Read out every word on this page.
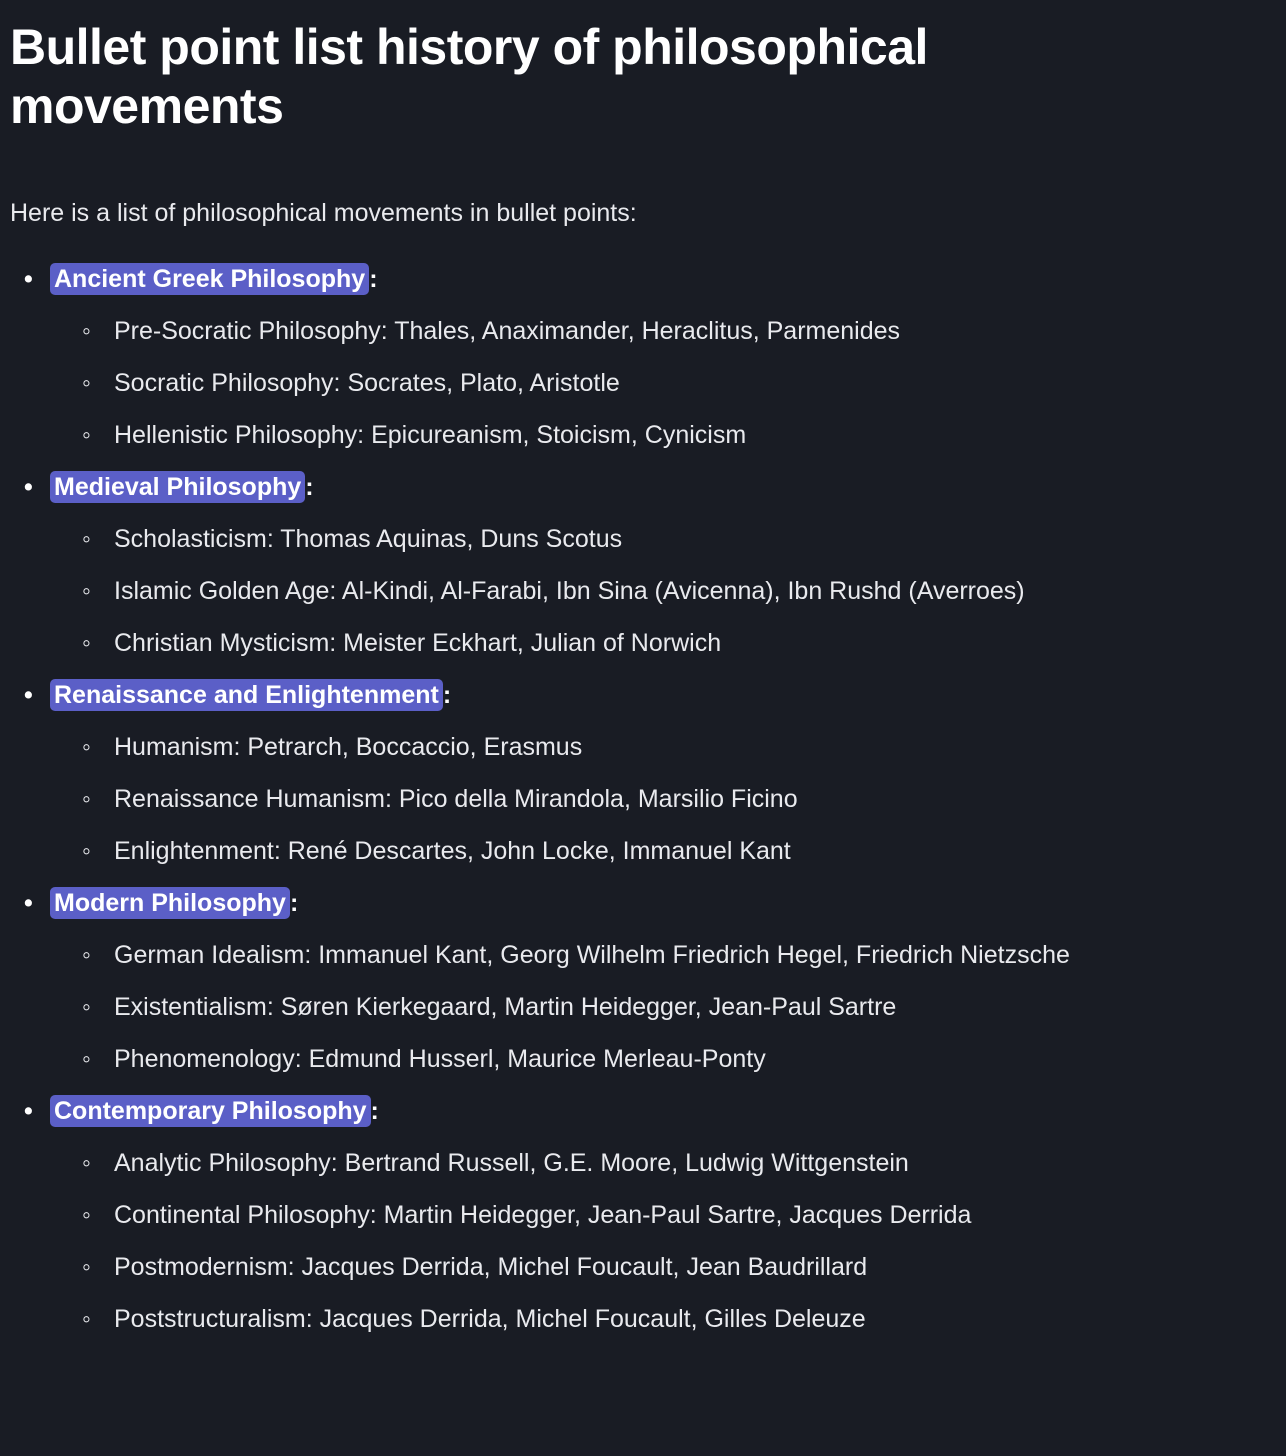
Bullet point list history of philosophical movements

Here is a list of philosophical movements in bullet points:

• Ancient Greek Philosophy :
◦ Pre-Socratic Philosophy: Thales, Anaximander, Heraclitus, Parmenides
◦ Socratic Philosophy: Socrates, Plato, Aristotle
◦ Hellenistic Philosophy: Epicureanism, Stoicism, Cynicism
• Medieval Philosophy :
◦ Scholasticism: Thomas Aquinas, Duns Scotus
◦ Islamic Golden Age: Al-Kindi, Al-Farabi, Ibn Sina (Avicenna), Ibn Rushd (Averroes)
◦ Christian Mysticism: Meister Eckhart, Julian of Norwich
• Renaissance and Enlightenment :
◦ Humanism: Petrarch, Boccaccio, Erasmus
◦ Renaissance Humanism: Pico della Mirandola, Marsilio Ficino
◦ Enlightenment: René Descartes, John Locke, Immanuel Kant
• Modern Philosophy :
◦ German Idealism: Immanuel Kant, Georg Wilhelm Friedrich Hegel, Friedrich Nietzsche
◦ Existentialism: Søren Kierkegaard, Martin Heidegger, Jean-Paul Sartre
◦ Phenomenology: Edmund Husserl, Maurice Merleau-Ponty
• Contemporary Philosophy :
◦ Analytic Philosophy: Bertrand Russell, G.E. Moore, Ludwig Wittgenstein
◦ Continental Philosophy: Martin Heidegger, Jean-Paul Sartre, Jacques Derrida
◦ Postmodernism: Jacques Derrida, Michel Foucault, Jean Baudrillard
◦ Poststructuralism: Jacques Derrida, Michel Foucault, Gilles Deleuze
